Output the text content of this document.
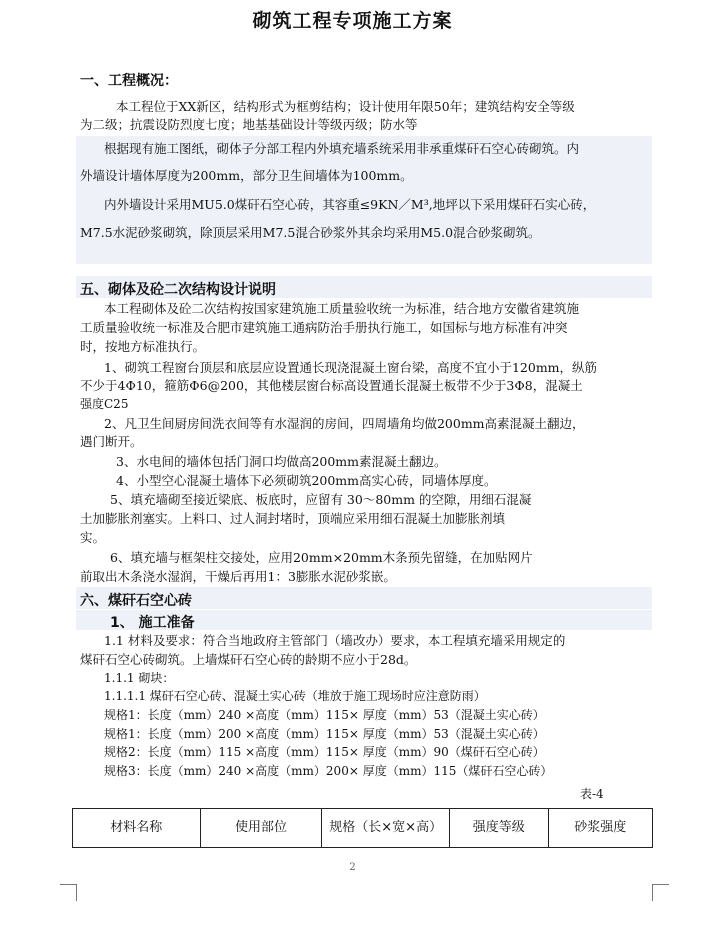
砌筑工程专项施工方案
一、工程概况：
本工程位于XX新区，结构形式为框剪结构；设计使用年限50年；建筑结构安全等级
为二级；抗震设防烈度七度；地基基础设计等级丙级；防水等
根据现有施工图纸，砌体子分部工程内外填充墙系统采用非承重煤矸石空心砖砌筑。内
外墙设计墙体厚度为200mm，部分卫生间墙体为100mm。
内外墙设计采用MU5.0煤矸石空心砖，其容重≤9KN／M³,地坪以下采用煤矸石实心砖，
M7.5水泥砂浆砌筑，除顶层采用M7.5混合砂浆外其余均采用M5.0混合砂浆砌筑。
五、砌体及砼二次结构设计说明
本工程砌体及砼二次结构按国家建筑施工质量验收统一为标准，结合地方安徽省建筑施
工质量验收统一标准及合肥市建筑施工通病防治手册执行施工，如国标与地方标准有冲突
时，按地方标准执行。
1、砌筑工程窗台顶层和底层应设置通长现浇混凝土窗台梁，高度不宜小于120mm，纵筋
不少于4Ф10，箍筋Ф6@200，其他楼层窗台标高设置通长混凝土板带不少于3Ф8，混凝土
强度C25
2、凡卫生间厨房间洗衣间等有水湿润的房间，四周墙角均做200mm高素混凝土翻边，
遇门断开。
3、水电间的墙体包括门洞口均做高200mm素混凝土翻边。
4、小型空心混凝土墙体下必须砌筑200mm高实心砖，同墙体厚度。
5、填充墙砌至接近梁底、板底时，应留有 30～80mm 的空隙，用细石混凝
土加膨胀剂塞实。上料口、过人洞封堵时，顶端应采用细石混凝土加膨胀剂填
实。
6、填充墙与框架柱交接处，应用20mm×20mm木条预先留缝，在加贴网片
前取出木条浇水湿润，干燥后再用1：3膨胀水泥砂浆嵌。
六、煤矸石空心砖
1、 施工准备
1.1 材料及要求：符合当地政府主管部门（墙改办）要求，本工程填充墙采用规定的
煤矸石空心砖砌筑。上墙煤矸石空心砖的龄期不应小于28d。
1.1.1 砌块：
1.1.1.1 煤矸石空心砖、混凝土实心砖（堆放于施工现场时应注意防雨）
规格1：长度（mm）240 ×高度（mm）115× 厚度（mm）53（混凝土实心砖）
规格1：长度（mm）200 ×高度（mm）115× 厚度（mm）53（混凝土实心砖）
规格2：长度（mm）115 ×高度（mm）115× 厚度（mm）90（煤矸石空心砖）
规格3：长度（mm）240 ×高度（mm）200× 厚度（mm）115（煤矸石空心砖）
表-4
材料名称	使用部位	规格（长×宽×高）	强度等级	砂浆强度
2
